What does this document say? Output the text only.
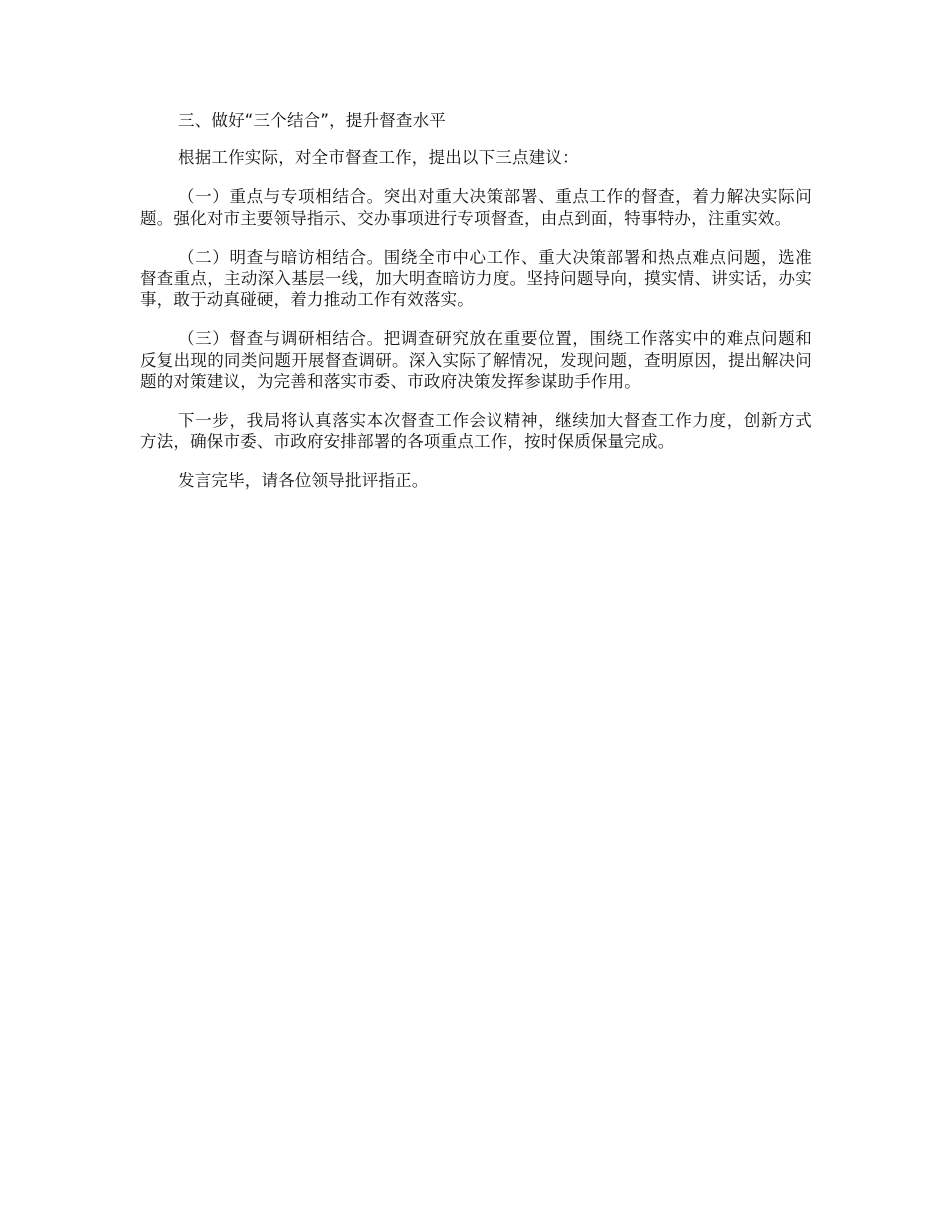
三、做好“三个结合”，提升督查水平

根据工作实际，对全市督查工作，提出以下三点建议：

（一）重点与专项相结合。突出对重大决策部署、重点工作的督查，着力解决实际问题。强化对市主要领导指示、交办事项进行专项督查，由点到面，特事特办，注重实效。

（二）明查与暗访相结合。围绕全市中心工作、重大决策部署和热点难点问题，选准督查重点，主动深入基层一线，加大明查暗访力度。坚持问题导向，摸实情、讲实话，办实事，敢于动真碰硬，着力推动工作有效落实。

（三）督查与调研相结合。把调查研究放在重要位置，围绕工作落实中的难点问题和反复出现的同类问题开展督查调研。深入实际了解情况，发现问题，查明原因，提出解决问题的对策建议，为完善和落实市委、市政府决策发挥参谋助手作用。

下一步，我局将认真落实本次督查工作会议精神，继续加大督查工作力度，创新方式方法，确保市委、市政府安排部署的各项重点工作，按时保质保量完成。

发言完毕，请各位领导批评指正。
